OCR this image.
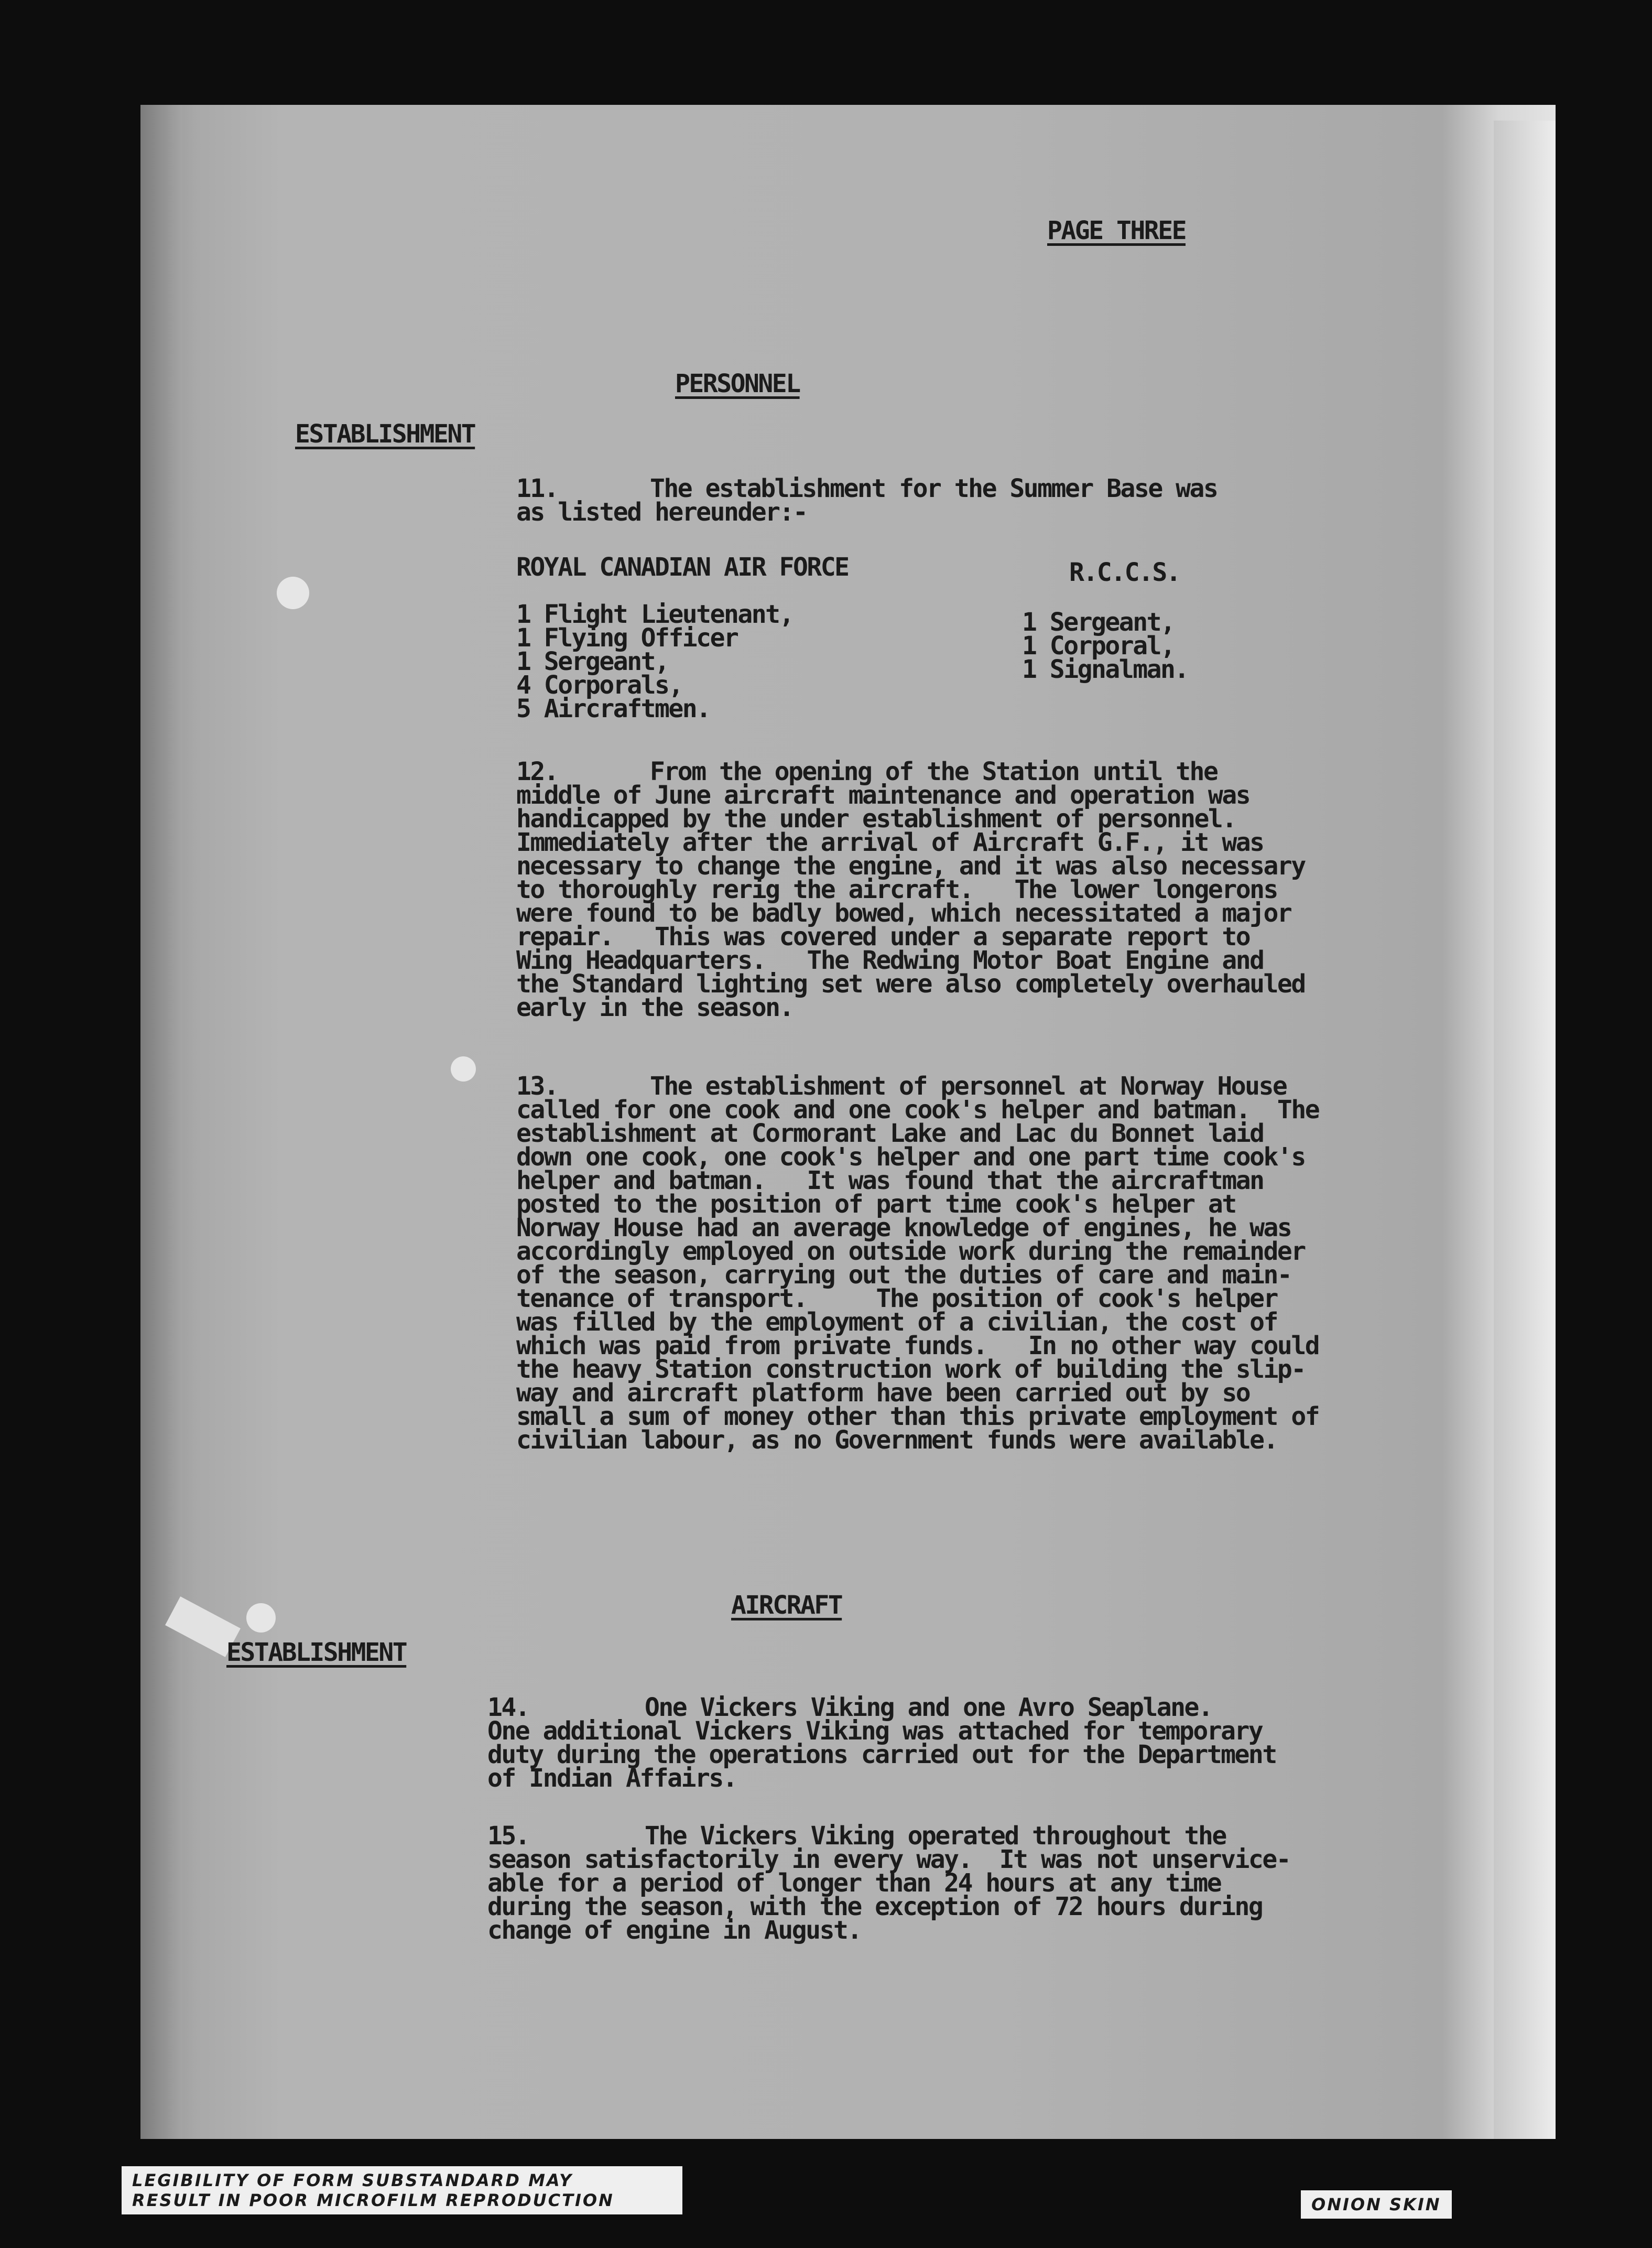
PAGE THREE
PERSONNEL
ESTABLISHMENT
11.	The establishment for the Summer Base was
as listed hereunder:-
ROYAL CANADIAN AIR FORCE	R.C.C.S.
1 Flight Lieutenant,
1 Flying Officer
1 Sergeant,
4 Corporals,
5 Aircraftmen.
1 Sergeant,
1 Corporal,
1 Signalman.
12.	From the opening of the Station until the
middle of June aircraft maintenance and operation was
handicapped by the under establishment of personnel.
Immediately after the arrival of Aircraft G.F., it was
necessary to change the engine, and it was also necessary
to thoroughly rerig the aircraft.   The lower longerons
were found to be badly bowed, which necessitated a major
repair.   This was covered under a separate report to
Wing Headquarters.   The Redwing Motor Boat Engine and
the Standard lighting set were also completely overhauled
early in the season.
13.	The establishment of personnel at Norway House
called for one cook and one cook's helper and batman.  The
establishment at Cormorant Lake and Lac du Bonnet laid
down one cook, one cook's helper and one part time cook's
helper and batman.   It was found that the aircraftman
posted to the position of part time cook's helper at
Norway House had an average knowledge of engines, he was
accordingly employed on outside work during the remainder
of the season, carrying out the duties of care and main-
tenance of transport.     The position of cook's helper
was filled by the employment of a civilian, the cost of
which was paid from private funds.   In no other way could
the heavy Station construction work of building the slip-
way and aircraft platform have been carried out by so
small a sum of money other than this private employment of
civilian labour, as no Government funds were available.
AIRCRAFT
ESTABLISHMENT
14.	One Vickers Viking and one Avro Seaplane.
One additional Vickers Viking was attached for temporary
duty during the operations carried out for the Department
of Indian Affairs.
15.	The Vickers Viking operated throughout the
season satisfactorily in every way.  It was not unservice-
able for a period of longer than 24 hours at any time
during the season, with the exception of 72 hours during
change of engine in August.
LEGIBILITY OF FORM SUBSTANDARD MAY
RESULT IN POOR MICROFILM REPRODUCTION	ONION SKIN
